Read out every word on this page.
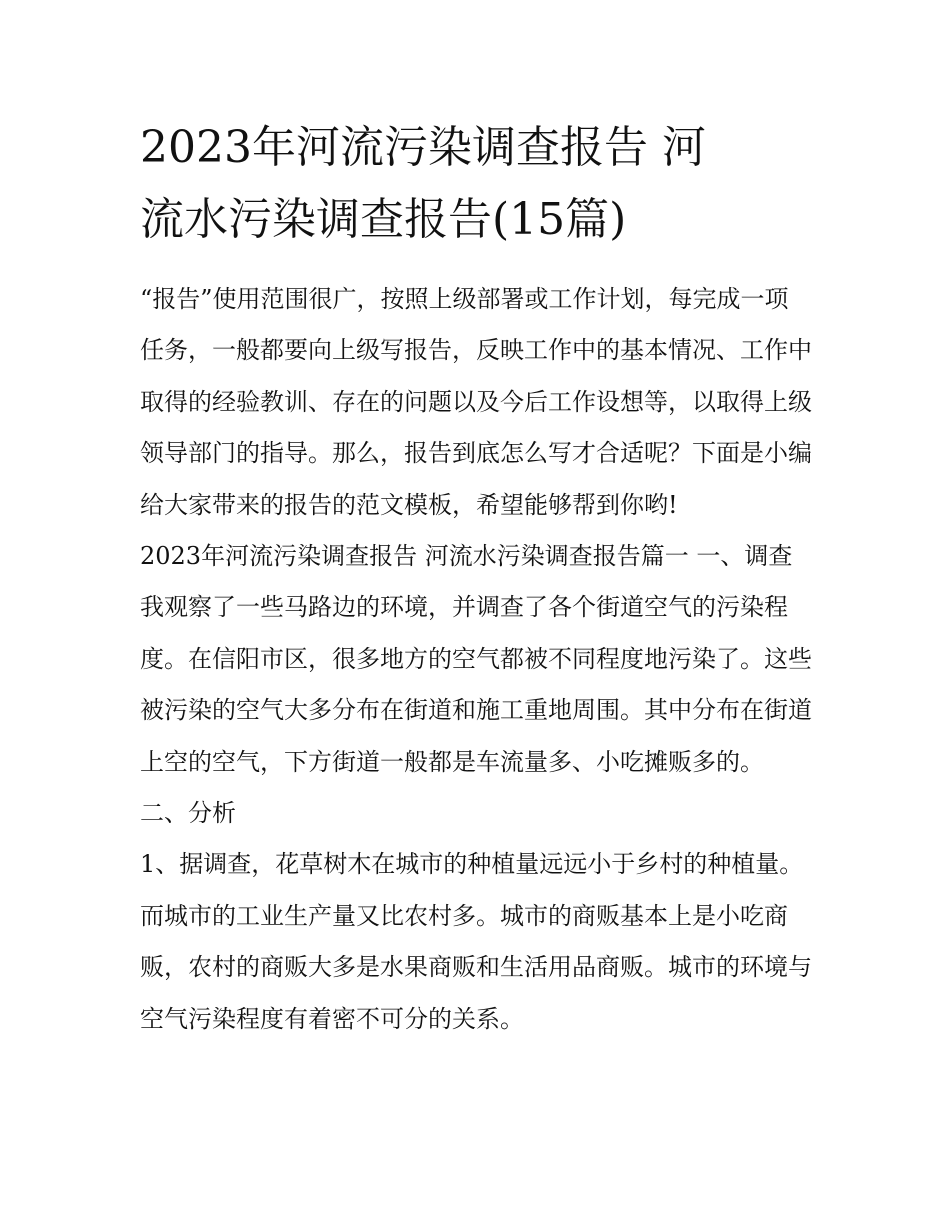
2023年河流污染调查报告 河
流水污染调查报告(15篇)

“报告”使用范围很广，按照上级部署或工作计划，每完成一项任务，一般都要向上级写报告，反映工作中的基本情况、工作中取得的经验教训、存在的问题以及今后工作设想等，以取得上级领导部门的指导。那么，报告到底怎么写才合适呢？下面是小编给大家带来的报告的范文模板，希望能够帮到你哟!

2023年河流污染调查报告 河流水污染调查报告篇一 一、调查

我观察了一些马路边的环境，并调查了各个街道空气的污染程度。在信阳市区，很多地方的空气都被不同程度地污染了。这些被污染的空气大多分布在街道和施工重地周围。其中分布在街道上空的空气，下方街道一般都是车流量多、小吃摊贩多的。

二、分析

1、据调查，花草树木在城市的种植量远远小于乡村的种植量。而城市的工业生产量又比农村多。城市的商贩基本上是小吃商贩，农村的商贩大多是水果商贩和生活用品商贩。城市的环境与空气污染程度有着密不可分的关系。
